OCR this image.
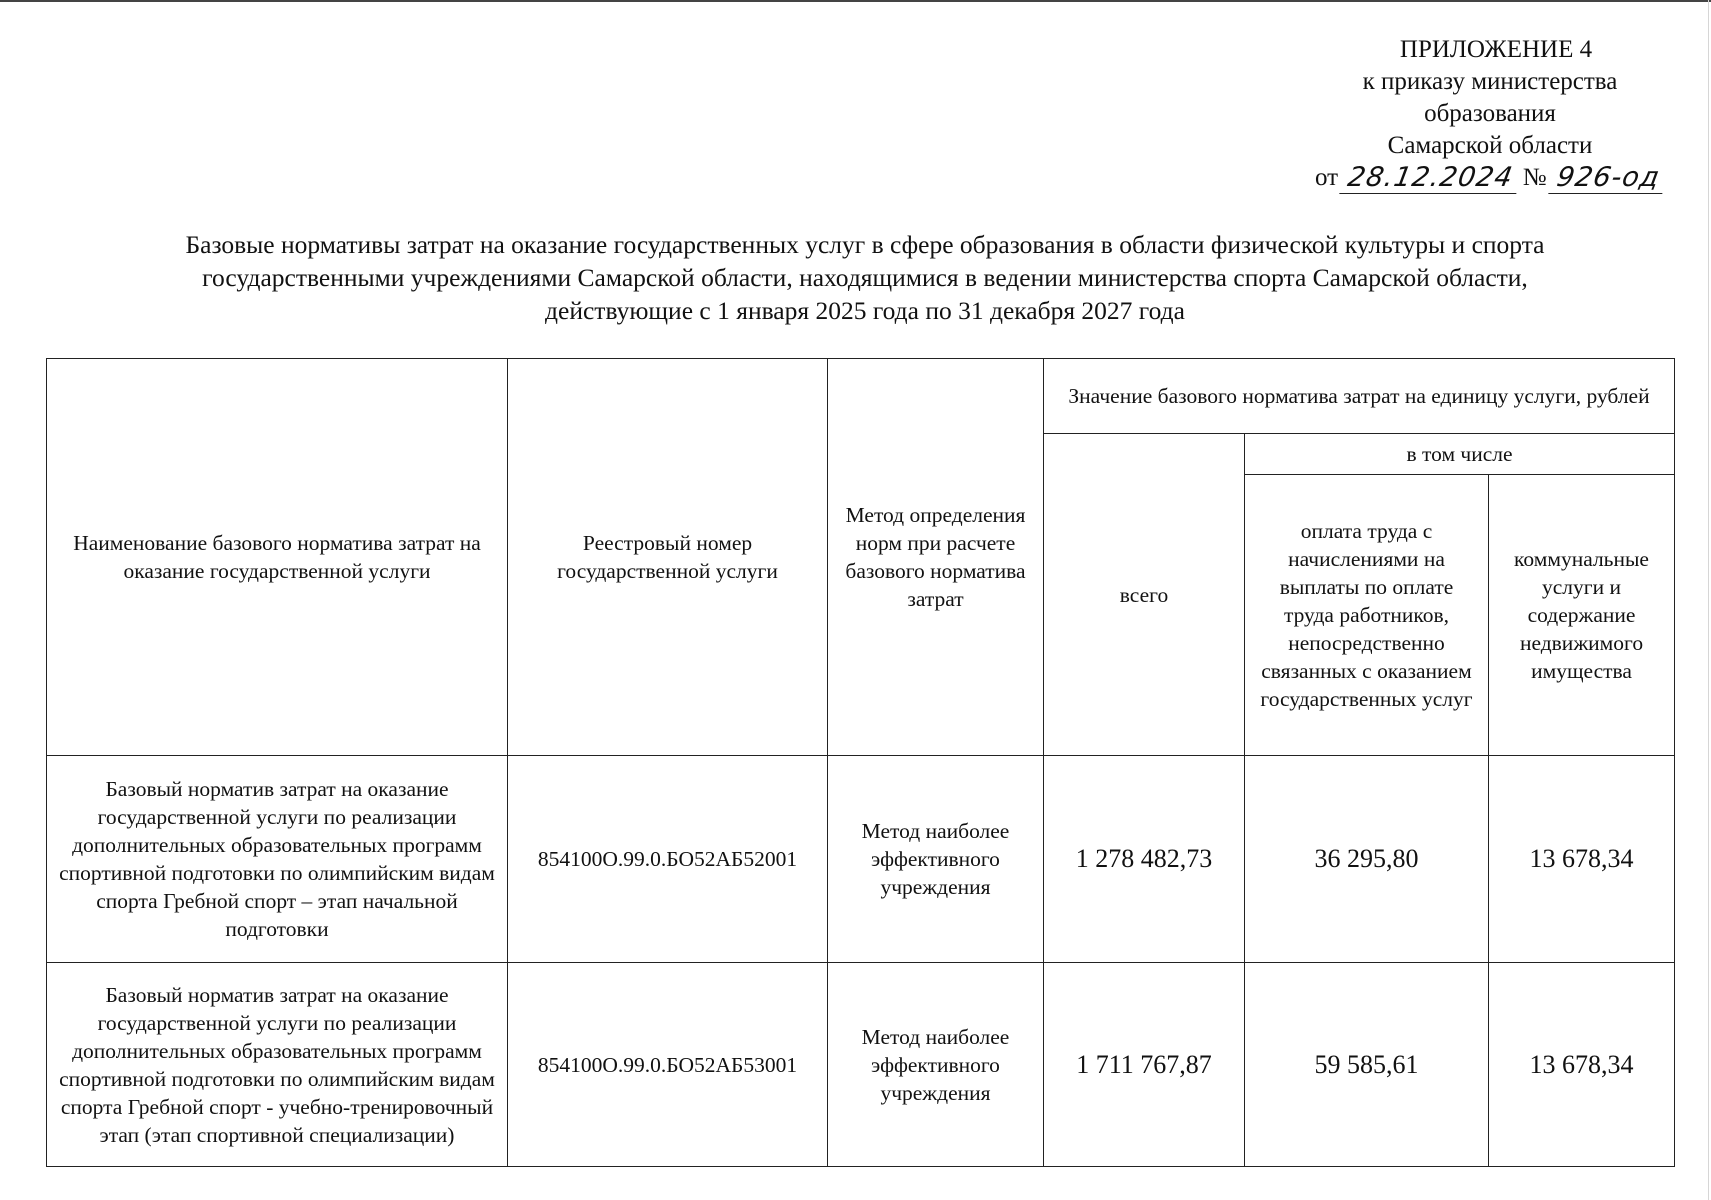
ПРИЛОЖЕНИЕ 4
к приказу министерства
образования
Самарской области
от 28.12.2024 № 926-од
Базовые нормативы затрат на оказание государственных услуг в сфере образования в области физической культуры и спорта
государственными учреждениями Самарской области, находящимися в ведении министерства спорта Самарской области,
действующие с 1 января 2025 года по 31 декабря 2027 года
Наименование базового норматива затрат на оказание государственной услуги	Реестровый номер государственной услуги	Метод определения норм при расчете базового норматива затрат	Значение базового норматива затрат на единицу услуги, рублей		
			всего	в том числе	
				оплата труда с начислениями на выплаты по оплате труда работников, непосредственно связанных с оказанием государственных услуг	коммунальные услуги и содержание недвижимого имущества
Базовый норматив затрат на оказание государственной услуги по реализации дополнительных образовательных программ спортивной подготовки по олимпийским видам спорта Гребной спорт – этап начальной подготовки	854100О.99.0.БО52АБ52001	Метод наиболее эффективного учреждения	1 278 482,73	36 295,80	13 678,34
Базовый норматив затрат на оказание государственной услуги по реализации дополнительных образовательных программ спортивной подготовки по олимпийским видам спорта Гребной спорт - учебно-тренировочный этап (этап спортивной специализации)	854100О.99.0.БО52АБ53001	Метод наиболее эффективного учреждения	1 711 767,87	59 585,61	13 678,34
